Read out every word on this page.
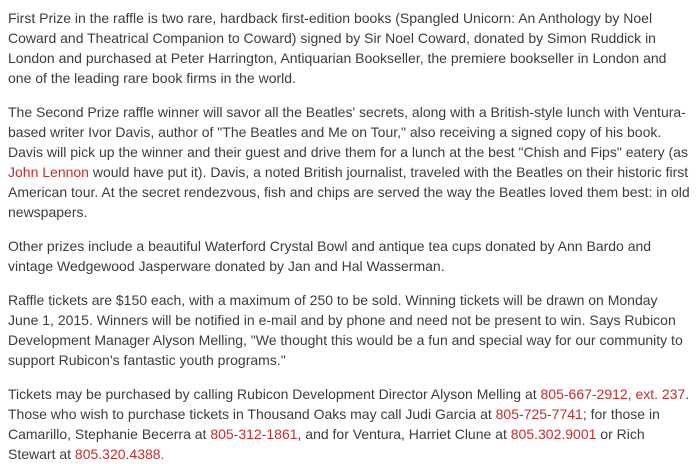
First Prize in the raffle is two rare, hardback first-edition books (Spangled Unicorn: An Anthology by Noel Coward and Theatrical Companion to Coward) signed by Sir Noel Coward, donated by Simon Ruddick in London and purchased at Peter Harrington, Antiquarian Bookseller, the premiere bookseller in London and one of the leading rare book firms in the world.

The Second Prize raffle winner will savor all the Beatles' secrets, along with a British-style lunch with Ventura-based writer Ivor Davis, author of "The Beatles and Me on Tour," also receiving a signed copy of his book. Davis will pick up the winner and their guest and drive them for a lunch at the best "Chish and Fips" eatery (as John Lennon would have put it). Davis, a noted British journalist, traveled with the Beatles on their historic first American tour. At the secret rendezvous, fish and chips are served the way the Beatles loved them best: in old newspapers.

Other prizes include a beautiful Waterford Crystal Bowl and antique tea cups donated by Ann Bardo and vintage Wedgewood Jasperware donated by Jan and Hal Wasserman.

Raffle tickets are $150 each, with a maximum of 250 to be sold. Winning tickets will be drawn on Monday June 1, 2015. Winners will be notified in e-mail and by phone and need not be present to win. Says Rubicon Development Manager Alyson Melling, "We thought this would be a fun and special way for our community to support Rubicon's fantastic youth programs."

Tickets may be purchased by calling Rubicon Development Director Alyson Melling at 805-667-2912, ext. 237. Those who wish to purchase tickets in Thousand Oaks may call Judi Garcia at 805-725-7741; for those in Camarillo, Stephanie Becerra at 805-312-1861, and for Ventura, Harriet Clune at 805.302.9001 or Rich Stewart at 805.320.4388.
